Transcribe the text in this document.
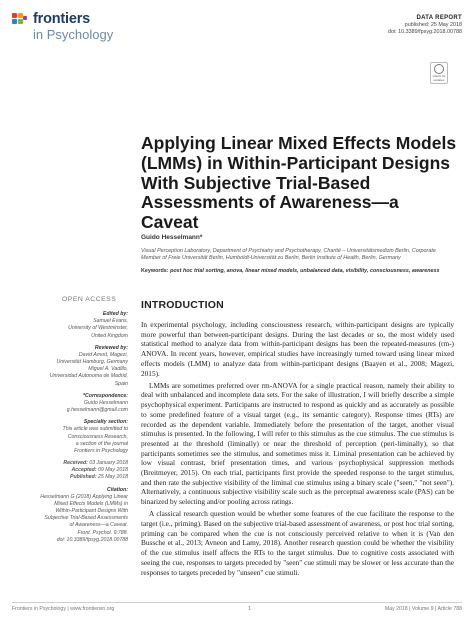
frontiers
in Psychology
DATA REPORT
published: 25 May 2018
doi: 10.3389/fpsyg.2018.00788
Check for updates
Applying Linear Mixed Effects Models (LMMs) in Within-Participant Designs With Subjective Trial-Based Assessments of Awareness—a Caveat
Guido Hesselmann*
Visual Perception Laboratory, Department of Psychiatry and Psychotherapy, Charité – Universitätsmedizin Berlin, Corporate Member of Freie Universität Berlin, Humboldt-Universität zu Berlin, Berlin Institute of Health, Berlin, Germany
Keywords: post hoc trial sorting, anova, linear mixed models, unbalanced data, visibility, consciousness, awareness
OPEN ACCESS
Edited by:
Samuel Evans,
University of Westminster,
United Kingdom
Reviewed by:
David Amod, Magezi,
Universität Hamburg, Germany
Miguel A. Vadillo,
Universidad Autonoma de Madrid,
Spain
*Correspondence:
Guido Hesselmann
g.hesselmann@gmail.com
Specialty section:
This article was submitted to
Consciousness Research,
a section of the journal
Frontiers in Psychology
Received: 03 January 2018
Accepted: 09 May 2018
Published: 25 May 2018
Citation:
Hesselmann G (2018) Applying Linear
Mixed Effects Models (LMMs) in
Within-Participant Designs With
Subjective Trial-Based Assessments
of Awareness—a Caveat.
Front. Psychol. 9:788.
doi: 10.3389/fpsyg.2018.00788
INTRODUCTION

In experimental psychology, including consciousness research, within-participant designs are typically more powerful than between-participant designs. During the last decades or so, the most widely used statistical method to analyze data from within-participant designs has been the repeated-measures (rm-) ANOVA. In recent years, however, empirical studies have increasingly turned toward using linear mixed effects models (LMM) to analyze data from within-participant designs (Baayen et al., 2008; Magezi, 2015).

LMMs are sometimes preferred over rm-ANOVA for a single practical reason, namely their ability to deal with unbalanced and incomplete data sets. For the sake of illustration, I will briefly describe a simple psychophysical experiment. Participants are instructed to respond as quickly and as accurately as possible to some predefined feature of a visual target (e.g., its semantic category). Response times (RTs) are recorded as the dependent variable. Immediately before the presentation of the target, another visual stimulus is presented. In the following, I will refer to this stimulus as the cue stimulus. The cue stimulus is presented at the threshold (liminally) or near the threshold of perception (peri-liminally), so that participants sometimes see the stimulus, and sometimes miss it. Liminal presentation can be achieved by low visual contrast, brief presentation times, and various psychophysical suppression methods (Breitmeyer, 2015). On each trial, participants first provide the speeded response to the target stimulus, and then rate the subjective visibility of the liminal cue stimulus using a binary scale ("seen," "not seen"). Alternatively, a continuous subjective visibility scale such as the perceptual awareness scale (PAS) can be binarized by selecting and/or pooling across ratings.

A classical research question would be whether some features of the cue facilitate the response to the target (i.e., priming). Based on the subjective trial-based assessment of awareness, or post hoc trial sorting, priming can be compared when the cue is not consciously perceived relative to when it is (Van den Bussche et al., 2013; Avneon and Lamy, 2018). Another research question could be whether the visibility of the cue stimulus itself affects the RTs to the target stimulus. Due to cognitive costs associated with seeing the cue, responses to targets preceded by "seen" cue stimuli may be slower or less accurate than the responses to targets preceded by "unseen" cue stimuli.

Frontiers in Psychology | www.frontiersin.org	1	May 2018 | Volume 9 | Article 788
